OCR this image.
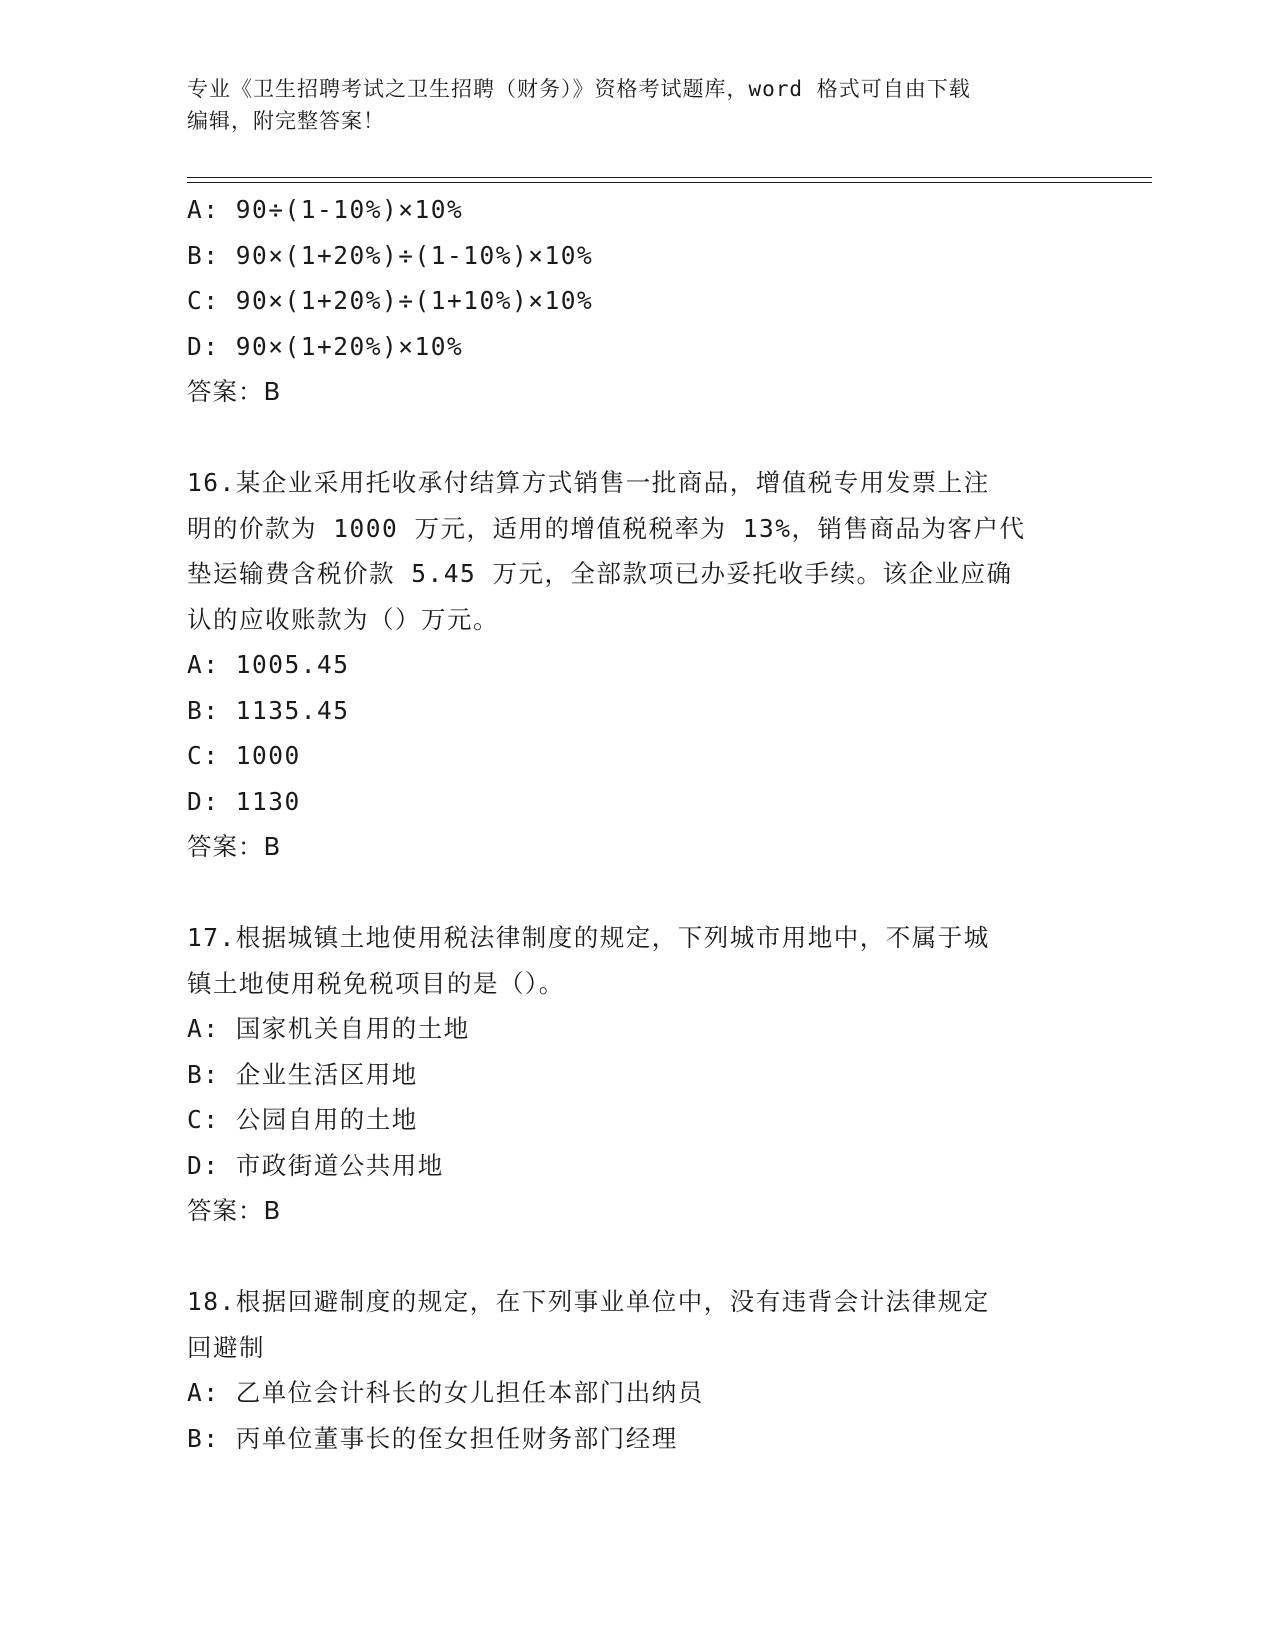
专业《卫生招聘考试之卫生招聘（财务）》资格考试题库，word 格式可自由下载
编辑，附完整答案！
A: 90÷(1-10%)×10%
B: 90×(1+20%)÷(1-10%)×10%
C: 90×(1+20%)÷(1+10%)×10%
D: 90×(1+20%)×10%
答案：B
16.某企业采用托收承付结算方式销售一批商品，增值税专用发票上注
明的价款为 1000 万元，适用的增值税税率为 13%，销售商品为客户代
垫运输费含税价款 5.45 万元，全部款项已办妥托收手续。该企业应确
认的应收账款为（）万元。
A: 1005.45
B: 1135.45
C: 1000
D: 1130
答案：B
17.根据城镇土地使用税法律制度的规定，下列城市用地中，不属于城
镇土地使用税免税项目的是（）。
A: 国家机关自用的土地
B: 企业生活区用地
C: 公园自用的土地
D: 市政街道公共用地
答案：B
18.根据回避制度的规定，在下列事业单位中，没有违背会计法律规定
回避制
A: 乙单位会计科长的女儿担任本部门出纳员
B: 丙单位董事长的侄女担任财务部门经理
